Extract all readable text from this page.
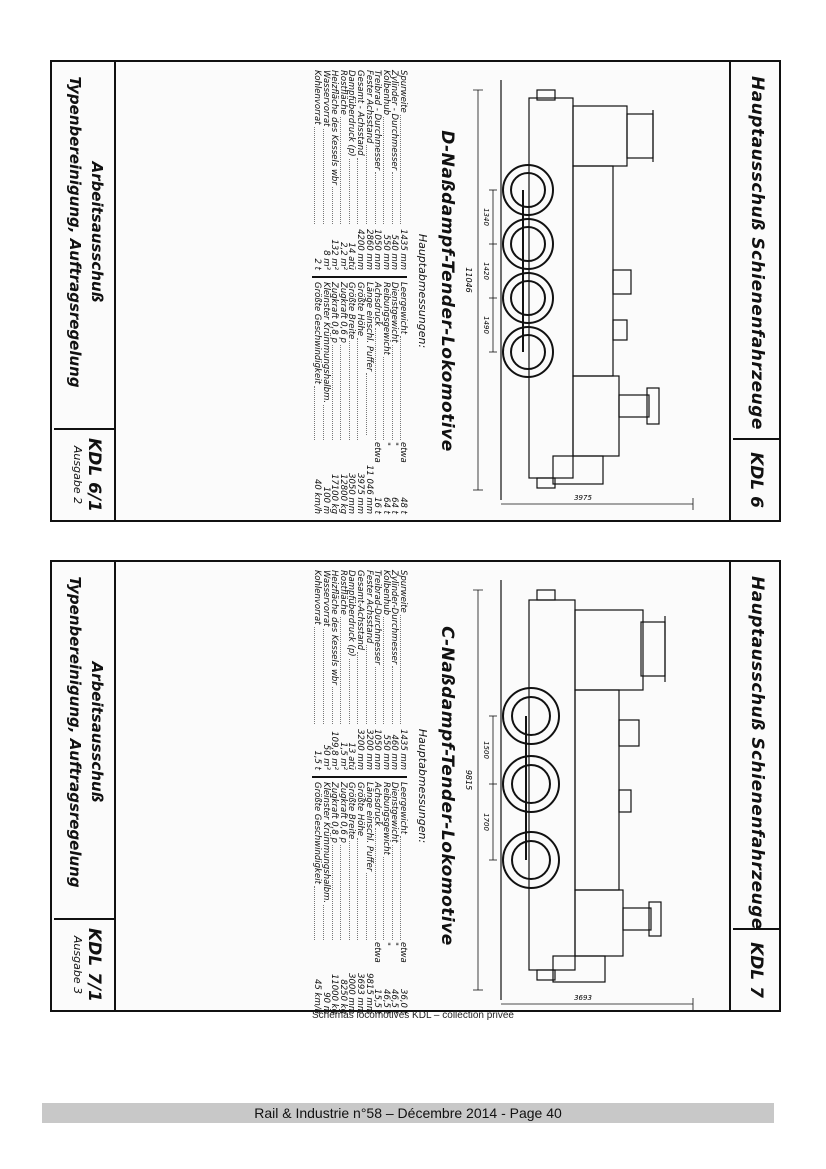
Hauptausschuß Schienenfahrzeuge
KDL 6
11046
1340
1420
1490
3975
D-Naßdampf-Tender-Lokomotive
Hauptabmessungen:
Spurweite
1435 mm
Zylinder - Durchmesser
540 mm
Kolbenhub
550 mm
Treibrad - Durchmesser
1050 mm
Fester Achsstand
2860 mm
Gesamt - Achsstand
4200 mm
Dampfüberdruck (p)
14 atü
Rostfläche
2,2 m²
Heizfläche des Kessels wbr
132 m²
Wasservorrat
8 m³
Kohlenvorrat
2 t
Leergewicht
etwa
48 t
Dienstgewicht
"
64 t
Reibungsgewicht
"
64 t
Achsdruck
etwa
16 t
Länge einschl. Puffer
11 046 mm
Größte Höhe
3975 mm
Größte Breite
3050 mm
Zugkraft 0,6 p
12800 kg
Zugkraft 0,8 p
17100 kg
Kleinster Krümmungshalbm.
100 m
Größte Geschwindigkeit
40 km/h
Arbeitsausschuß
Typenbereinigung, Auftragsregelung
KDL 6/1
Ausgabe 2
Hauptausschuß Schienenfahrzeuge
KDL 7
9815
1500
1700
3693
C-Naßdampf-Tender-Lokomotive
Hauptabmessungen:
Spurweite
1435 mm
Zylinder-Durchmesser
460 mm
Kolbenhub
550 mm
Treibrad-Durchmesser
1050 mm
Fester Achsstand
3200 mm
Gesamt-Achsstand
3200 mm
Dampfüberdruck (p)
13 atü
Rostfläche
1,5 m²
Heizfläche des Kessels wbr
109,8 m²
Wasservorrat
50 m³
Kohlenvorrat
1,5 t
Leergewicht
etwa
36,0 t
Dienstgewicht
"
46,5 t
Reibungsgewicht
"
46,5 t
Achsdruck
etwa
15,5 t
Länge einschl. Puffer
9815 mm
Größte Höhe
3693 mm
Größte Breite
3000 mm
Zugkraft 0,6 p
8250 kg
Zugkraft 0,8 p
11000 kg
Kleinster Krümmungshalbm.
90 m
Größte Geschwindigkeit
45 km/h
Arbeitsausschuß
Typenbereinigung, Auftragsregelung
KDL 7/1
Ausgabe 3
Schémas locomotives KDL – collection privée
Rail & Industrie n°58 – Décembre 2014 - Page 40
